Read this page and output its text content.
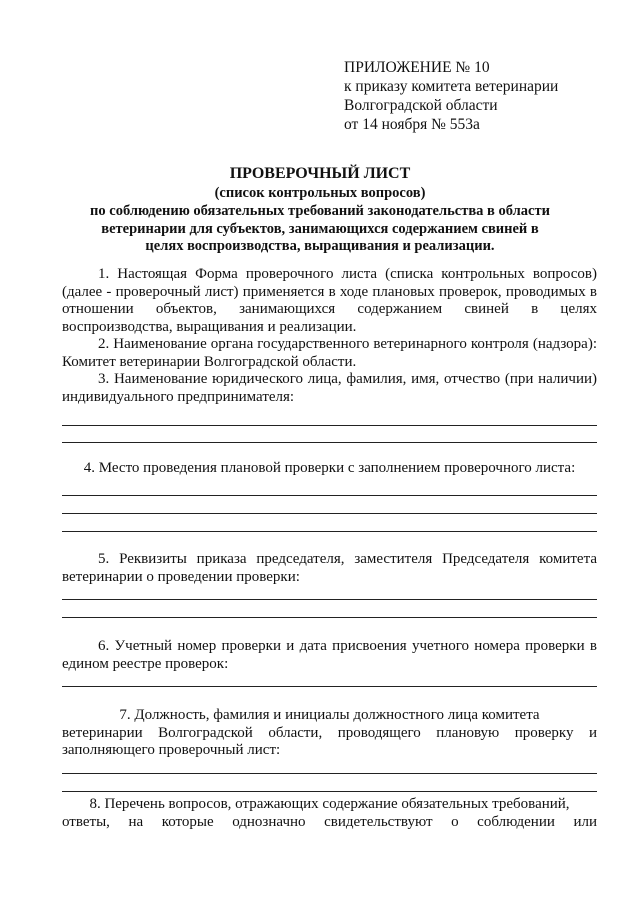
ПРИЛОЖЕНИЕ № 10
к приказу комитета ветеринарии
Волгоградской области
от 14 ноября № 553а
ПРОВЕРОЧНЫЙ ЛИСТ
(список контрольных вопросов)
по соблюдению обязательных требований законодательства в области
ветеринарии для субъектов, занимающихся содержанием свиней в
целях воспроизводства, выращивания и реализации.

1. Настоящая Форма проверочного листа (списка контрольных вопросов) (далее - проверочный лист) применяется в ходе плановых проверок, проводимых в отношении объектов, занимающихся содержанием свиней в целях воспроизводства, выращивания и реализации.

2. Наименование органа государственного ветеринарного контроля (надзора): Комитет ветеринарии Волгоградской области.

3. Наименование юридического лица, фамилия, имя, отчество (при наличии) индивидуального предпринимателя:

4. Место проведения плановой проверки с заполнением проверочного листа:

5. Реквизиты приказа председателя, заместителя Председателя комитета ветеринарии о проведении проверки:

6. Учетный номер проверки и дата присвоения учетного номера проверки в едином реестре проверок:

7. Должность, фамилия и инициалы должностного лица комитета

ветеринарии Волгоградской области, проводящего плановую проверку и заполняющего проверочный лист:

8. Перечень вопросов, отражающих содержание обязательных требований,

ответы, на которые однозначно свидетельствуют о соблюдении или
